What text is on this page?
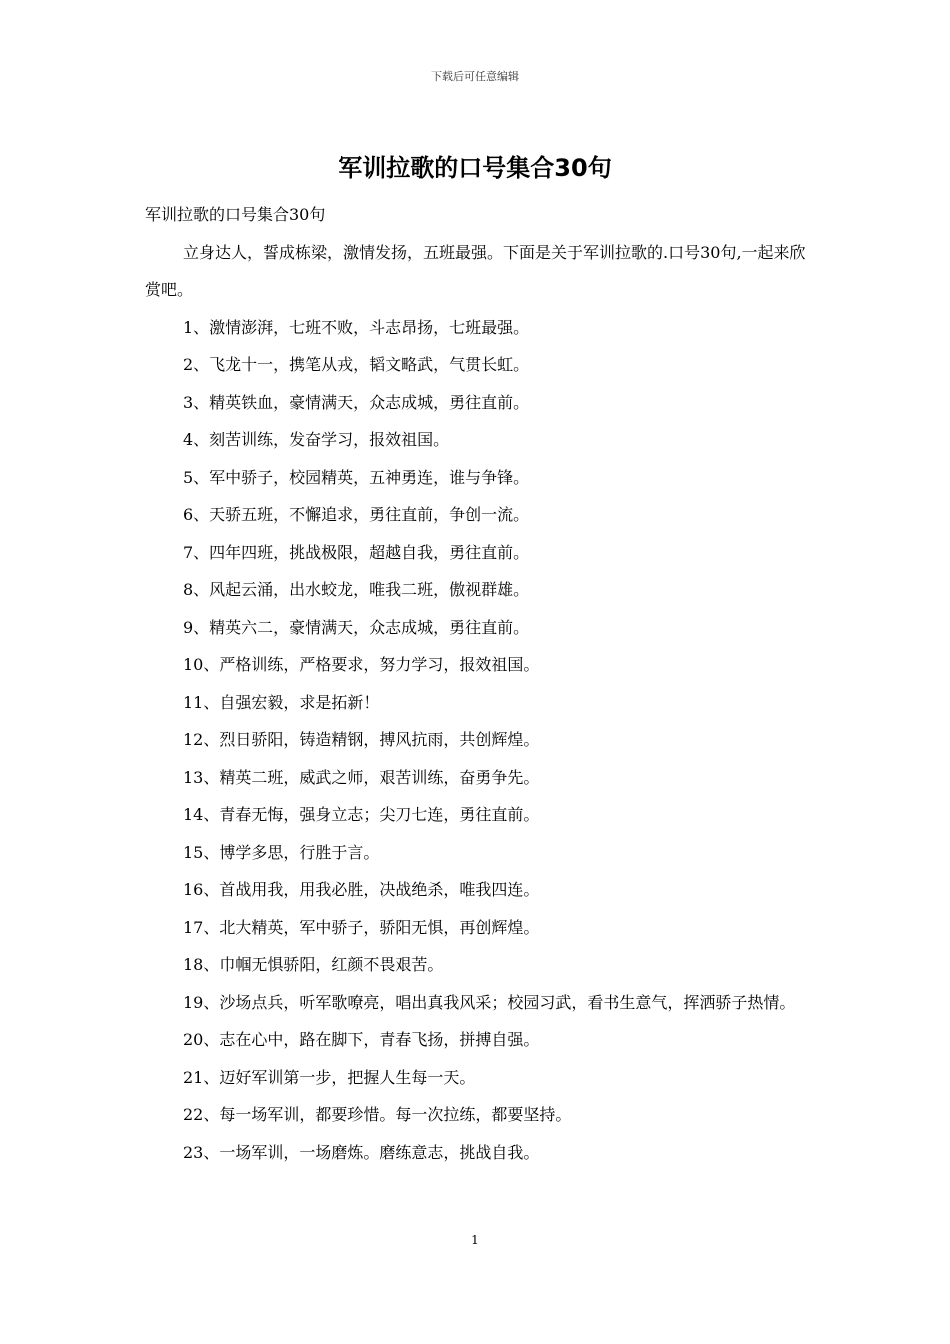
下载后可任意编辑
军训拉歌的口号集合30句

军训拉歌的口号集合30句

立身达人，誓成栋梁，激情发扬，五班最强。下面是关于军训拉歌的.口号30句,一起来欣赏吧。

1、激情澎湃，七班不败，斗志昂扬，七班最强。

2、飞龙十一，携笔从戎，韬文略武，气贯长虹。

3、精英铁血，豪情满天，众志成城，勇往直前。

4、刻苦训练，发奋学习，报效祖国。

5、军中骄子，校园精英，五神勇连，谁与争锋。

6、天骄五班，不懈追求，勇往直前，争创一流。

7、四年四班，挑战极限，超越自我，勇往直前。

8、风起云涌，出水蛟龙，唯我二班，傲视群雄。

9、精英六二，豪情满天，众志成城，勇往直前。

10、严格训练，严格要求，努力学习，报效祖国。

11、自强宏毅，求是拓新！

12、烈日骄阳，铸造精钢，搏风抗雨，共创辉煌。

13、精英二班，威武之师，艰苦训练，奋勇争先。

14、青春无悔，强身立志；尖刀七连，勇往直前。

15、博学多思，行胜于言。

16、首战用我，用我必胜，决战绝杀，唯我四连。

17、北大精英，军中骄子，骄阳无惧，再创辉煌。

18、巾帼无惧骄阳，红颜不畏艰苦。

19、沙场点兵，听军歌嘹亮，唱出真我风采；校园习武，看书生意气，挥洒骄子热情。

20、志在心中，路在脚下，青春飞扬，拼搏自强。

21、迈好军训第一步，把握人生每一天。

22、每一场军训，都要珍惜。每一次拉练，都要坚持。

23、一场军训，一场磨炼。磨练意志，挑战自我。

1
